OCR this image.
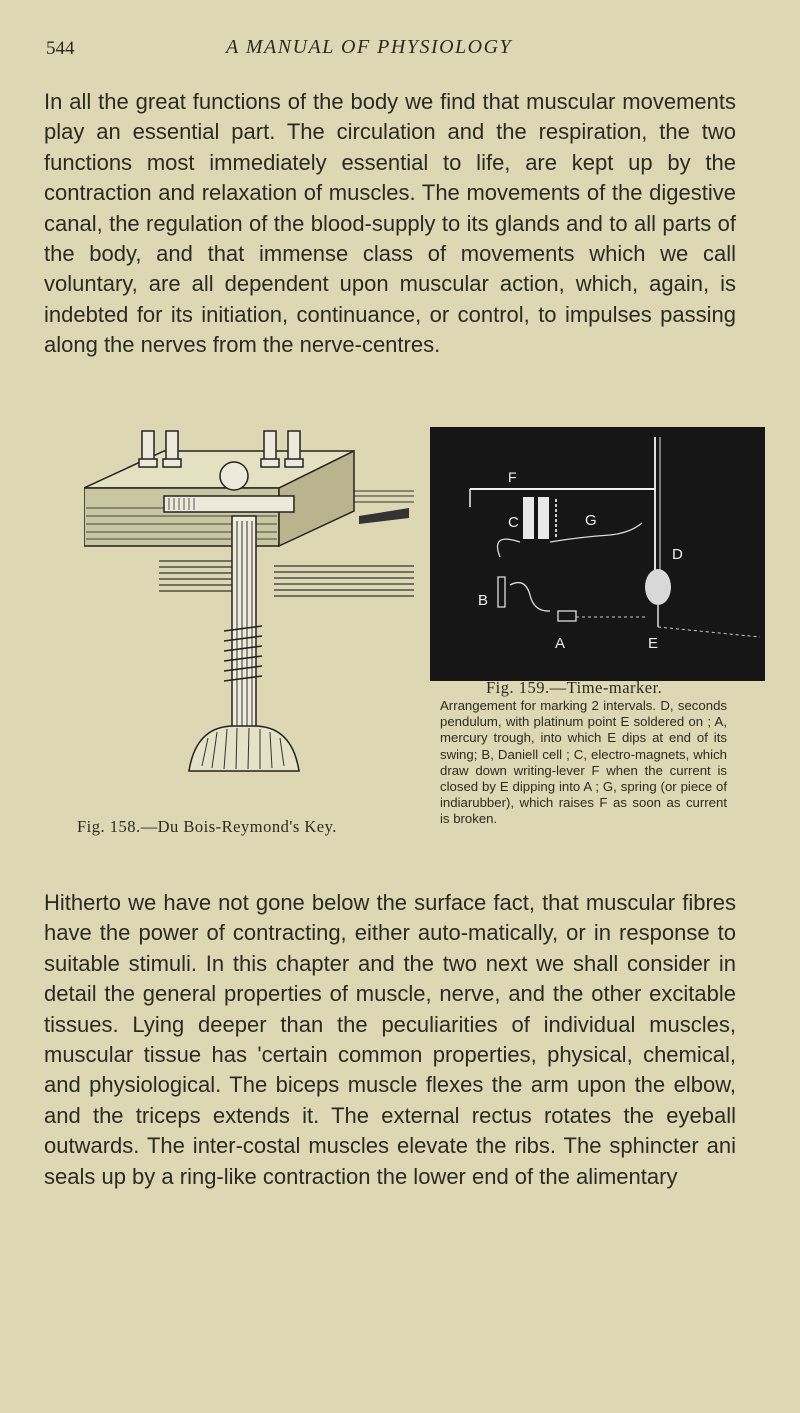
544	A MANUAL OF PHYSIOLOGY

In all the great functions of the body we find that muscular movements play an essential part. The circulation and the respiration, the two functions most immediately essential to life, are kept up by the contraction and relaxation of muscles. The movements of the digestive canal, the regulation of the blood-supply to its glands and to all parts of the body, and that immense class of movements which we call voluntary, are all dependent upon muscular action, which, again, is indebted for its initiation, continuance, or control, to impulses passing along the nerves from the nerve-centres.

F
C	G
D
B
A	E
Fig. 159.—Time-marker.

Arrangement for marking 2 intervals. D, seconds pendulum, with platinum point E soldered on ; A, mercury trough, into which E dips at end of its swing; B, Daniell cell ; C, electro-magnets, which draw down writing-lever F when the current is closed by E dipping into A ; G, spring (or piece of indiarubber), which raises F as soon as current is broken.

Fig. 158.—Du Bois-Reymond's Key.

Hitherto we have not gone below the surface fact, that muscular fibres have the power of contracting, either auto-matically, or in response to suitable stimuli. In this chapter and the two next we shall consider in detail the general properties of muscle, nerve, and the other excitable tissues. Lying deeper than the peculiarities of individual muscles, muscular tissue has 'certain common properties, physical, chemical, and physiological. The biceps muscle flexes the arm upon the elbow, and the triceps extends it. The external rectus rotates the eyeball outwards. The inter-costal muscles elevate the ribs. The sphincter ani seals up by a ring-like contraction the lower end of the alimentary
